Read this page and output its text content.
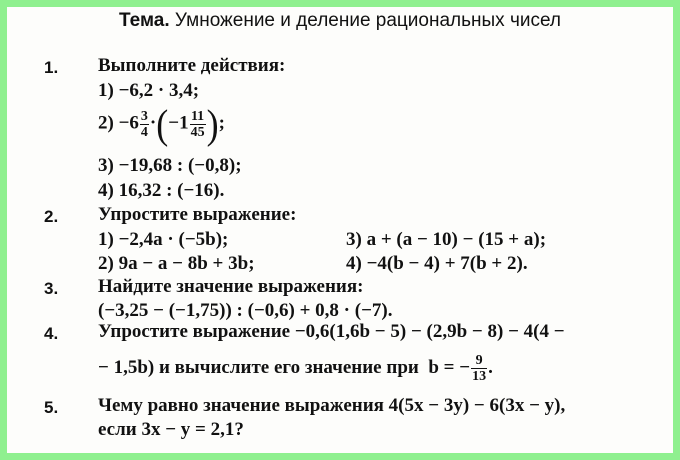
Тема. Умножение и деление рациональных чисел
1. Выполните действия:
1) −6,2 · 3,4;
$2) -6 \frac{3}{4} \cdot(-1 \frac{11}{45}$ );
3) −19,68 : (−0,8);
4) 16,32 : (−16).
2. Упростите выражение:
1) −2,4a · (−5b);	3) a + (a − 10) − (15 + a);
2) 9a − a − 8b + 3b;	4) −4(b − 4) + 7(b + 2).
3. Найдите значение выражения:
(−3,25 − (−1,75)) : (−0,6) + 0,8 · (−7).
4. Упростите выражение −0,6(1,6b − 5) − (2,9b − 8) − 4(4 −
− 1,5b) и вычислите его значение при b = − $\frac{9}{13}$ .
5. Чему равно значение выражения 4(5x − 3y) − 6(3x − y),
если 3x − y = 2,1?
